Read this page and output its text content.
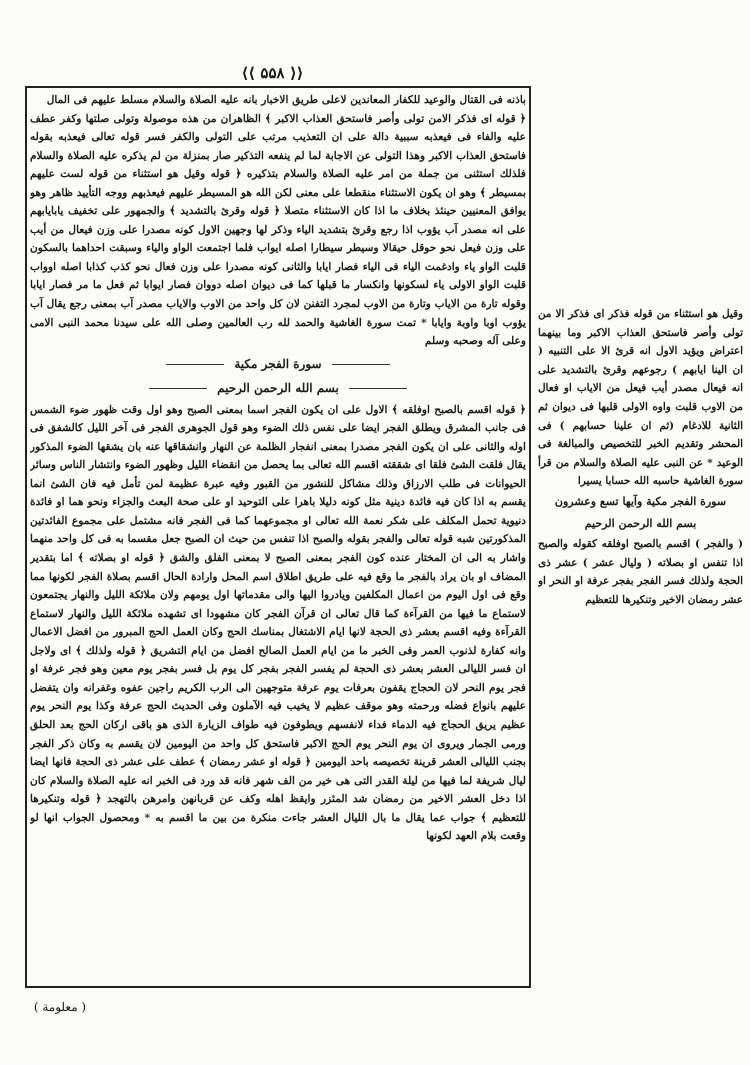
⟨⟨ ۵۵۸ ⟩⟩

باذنه فى القتال والوعيد للكفار المعاندين لاعلى طريق الاخبار بانه عليه الصلاة والسلام مسلط عليهم فى المال

﴿ قوله اى فذكر الامن تولى وأصر فاستحق العذاب الاكبر ﴾ الظاهران من هذه موصولة وتولى صلتها وكفر عطف عليه والفاء فى فيعذبه سببية دالة على ان التعذيب مرتب على التولى والكفر فسر قوله تعالى فيعذبه بقوله فاستحق العذاب الاكبر وهذا التولى عن الاجابة لما لم ينفعه التذكير صار بمنزلة من لم يذكره عليه الصلاة والسلام فلذلك استثنى من جملة من امر عليه الصلاة والسلام بتذكيره ﴿ قوله وقيل هو استثناء من قوله لست عليهم بمسيطر ﴾ وهو ان يكون الاستثناء منقطعا على معنى لكن الله هو المسيطر عليهم فيعذبهم ووجه التأييد ظاهر وهو يوافق المعنيين حينئذ بخلاف ما اذا كان الاستثناء متصلا ﴿ قوله وقرئ بالتشديد ﴾ والجمهور على تخفيف يابايابهم على انه مصدر آب يؤوب اذا رجع وقرئ بتشديد الياء وذكر لها وجهين الاول كونه مصدرا على وزن فيعال من أيب على وزن فيعل نحو حوقل حيقالا وسيطر سيطارا اصله ايواب فلما اجتمعت الواو والياء وسبقت احداهما بالسكون قلبت الواو ياء وادغمت الياء فى الياء فصار ايابا والثانى كونه مصدرا على وزن فعال نحو كذب كذابا اصله اوواب قلبت الواو الاولى ياء لسكونها وانكسار ما قبلها كما فى ديوان اصله دووان فصار ايوابا ثم فعل ما مر فصار ايابا وقوله تارة من الاياب وتارة من الاوب لمجرد التفنن لان كل واحد من الاوب والاياب مصدر آب بمعنى رجع يقال آب يؤوب اوبا واوبة وايابا * تمت سورة الغاشية والحمد لله رب العالمين وصلى الله على سيدنا محمد النبى الامى وعلى آله وصحبه وسلم

سورة الفجر مكية
بسم الله الرحمن الرحيم

﴿ قوله اقسم بالصبح اوفلقه ﴾ الاول على ان يكون الفجر اسما بمعنى الصبح وهو اول وقت ظهور ضوء الشمس فى جانب المشرق ويطلق الفجر ايضا على نفس ذلك الضوء وهو قول الجوهرى الفجر فى آخر الليل كالشفق فى اوله والثانى على ان يكون الفجر مصدرا بمعنى انفجار الظلمة عن النهار وانشقاقها عنه بان يشقها الضوء المذكور يقال فلقت الشئ فلقا اى شققته اقسم الله تعالى بما يحصل من انقضاء الليل وظهور الضوء وانتشار الناس وسائر الحيوانات فى طلب الارزاق وذلك مشاكل للنشور من القبور وفيه عبرة عظيمة لمن تأمل فيه فان الشئ انما يقسم به اذا كان فيه فائدة دينية مثل كونه دليلا باهرا على التوحيد او على صحة البعث والجزاء ونحو هما او فائدة دنيوية تحمل المكلف على شكر نعمة الله تعالى او مجموعهما كما فى الفجر فانه مشتمل على مجموع الفائدتين المذكورتين شبه قوله تعالى والفجر بقوله والصبح اذا تنفس من حيث ان الصبح جعل مقسما به فى كل واحد منهما واشار به الى ان المختار عنده كون الفجر بمعنى الصبح لا بمعنى الفلق والشق ﴿ قوله او بصلاته ﴾ اما بتقدير المضاف او بان يراد بالفجر ما وقع فيه على طريق اطلاق اسم المحل وارادة الحال اقسم بصلاة الفجر لكونها مما وقع فى اول اليوم من اعمال المكلفين ويادروا اليها والى مقدماتها اول يومهم ولان ملائكة الليل والنهار يجتمعون لاستماع ما فيها من القرآءة كما قال تعالى ان قرآن الفجر كان مشهودا اى تشهده ملائكة الليل والنهار لاستماع القرآءة وفيه اقسم بعشر ذى الحجة لانها ايام الاشتغال بمناسك الحج وكان العمل الحج المبرور من افضل الاعمال وانه كفارة لذنوب العمر وفى الخبر ما من ايام العمل الصالح افضل من ايام التشريق ﴿ قوله ولذلك ﴾ اى ولاجل ان فسر الليالى العشر بعشر ذى الحجة لم يفسر الفجر بفجر كل يوم بل فسر بفجر يوم معين وهو فجر عرفة او فجر يوم النحر لان الحجاج يقفون بعرفات يوم عرفة متوجهين الى الرب الكريم راجين عفوه وغفرانه وان يتفضل عليهم بانواع فضله ورحمته وهو موقف عظيم لا يخيب فيه الآملون وفى الحديث الحج عرفة وكذا يوم النحر يوم عظيم يريق الحجاج فيه الدماء فداء لانفسهم ويطوفون فيه طواف الزيارة الذى هو باقى اركان الحج بعد الحلق ورمى الجمار ويروى ان يوم النحر يوم الحج الاكبر فاستحق كل واحد من اليومين لان يقسم به وكان ذكر الفجر بجنب الليالى العشر قرينة تخصيصه باحد اليومين ﴿ قوله او عشر رمضان ﴾ عطف على عشر ذى الحجة فانها ايضا ليال شريفة لما فيها من ليلة القدر التى هى خير من الف شهر فانه قد ورد فى الخبر انه عليه الصلاة والسلام كان اذا دخل العشر الاخير من رمضان شد المئزر وايقظ اهله وكف عن قربانهن وامرهن بالتهجد ﴿ قوله وتنكيرها للتعظيم ﴾ جواب عما يقال ما بال الليال العشر جاءت منكرة من بين ما اقسم به * ومحصول الجواب انها لو وقعت بلام العهد لكونها

وقيل هو استثناء من قوله فذكر اى فذكر الا من تولى وأصر فاستحق العذاب الاكبر وما بينهما اعتراض ويؤيد الاول انه قرئ الا على التنبيه ( ان الينا ايابهم ) رجوعهم وقرئ بالتشديد على انه فيعال مصدر أيب فيعل من الاياب او فعال من الاوب قلبت واوه الاولى قلبها فى ديوان ثم الثانية للادغام (ثم ان علينا حسابهم ) فى المحشر وتقديم الخبر للتخصيص والمبالغة فى الوعيد * عن النبى عليه الصلاة والسلام من قرأ سورة الغاشية حاسبه الله حسابا يسيرا

سورة الفجر مكية وآيها تسع وعشرون
بسم الله الرحمن الرحيم

( والفجر ) اقسم بالصبح اوفلقه كقوله والصبح اذا تنفس او بصلاته ( وليال عشر ) عشر ذى الحجة ولذلك فسر الفجر بفجر عرفة او النحر او عشر رمضان الاخير وتنكيرها للتعظيم

( معلومة )
